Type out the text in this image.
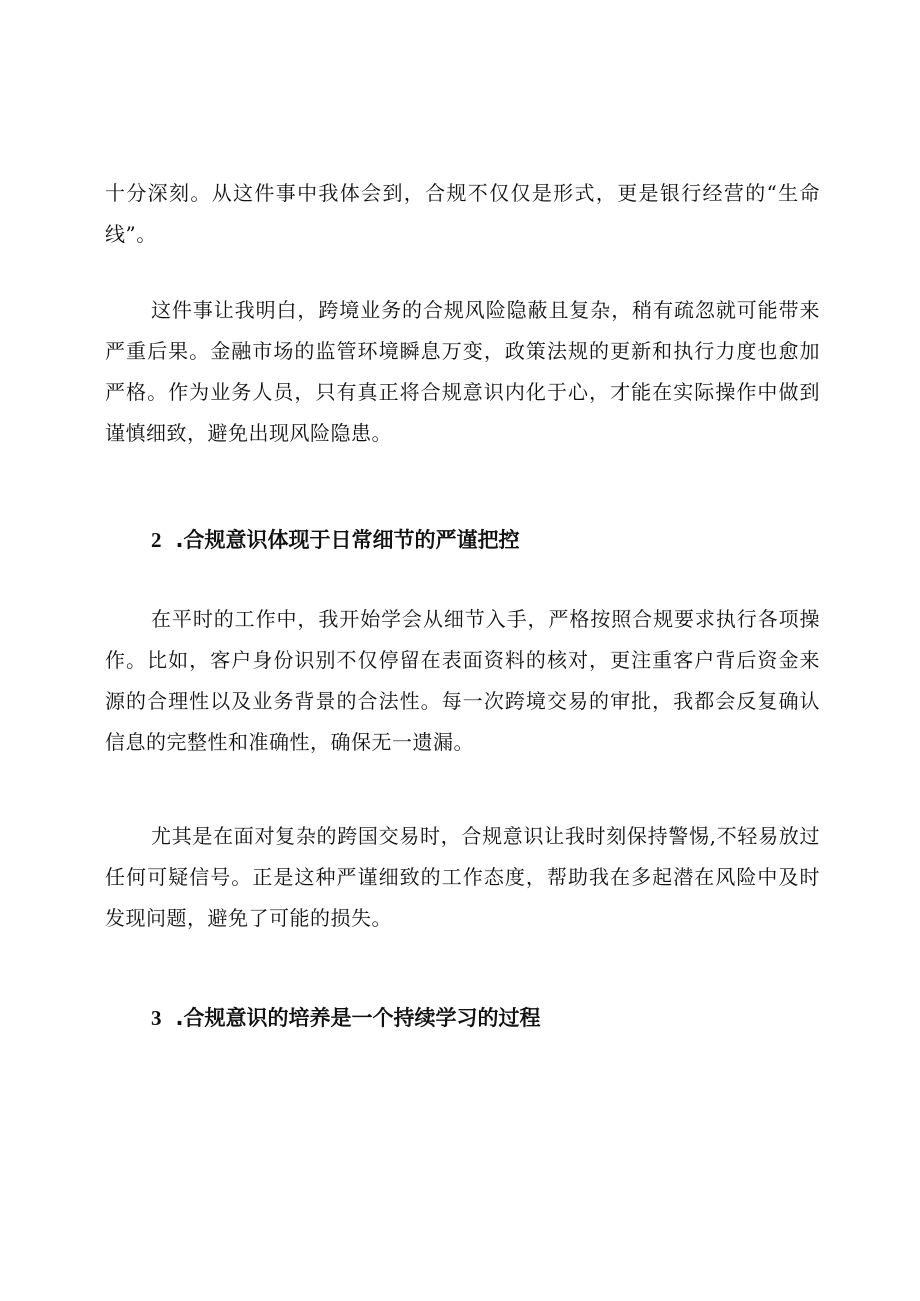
十分深刻。从这件事中我体会到，合规不仅仅是形式，更是银行经营的“生命线”。

这件事让我明白，跨境业务的合规风险隐蔽且复杂，稍有疏忽就可能带来严重后果。金融市场的监管环境瞬息万变，政策法规的更新和执行力度也愈加严格。作为业务人员，只有真正将合规意识内化于心，才能在实际操作中做到谨慎细致，避免出现风险隐患。

2 .合规意识体现于日常细节的严谨把控

在平时的工作中，我开始学会从细节入手，严格按照合规要求执行各项操作。比如，客户身份识别不仅停留在表面资料的核对，更注重客户背后资金来源的合理性以及业务背景的合法性。每一次跨境交易的审批，我都会反复确认信息的完整性和准确性，确保无一遗漏。

尤其是在面对复杂的跨国交易时，合规意识让我时刻保持警惕,不轻易放过任何可疑信号。正是这种严谨细致的工作态度，帮助我在多起潜在风险中及时发现问题，避免了可能的损失。

3 .合规意识的培养是一个持续学习的过程
